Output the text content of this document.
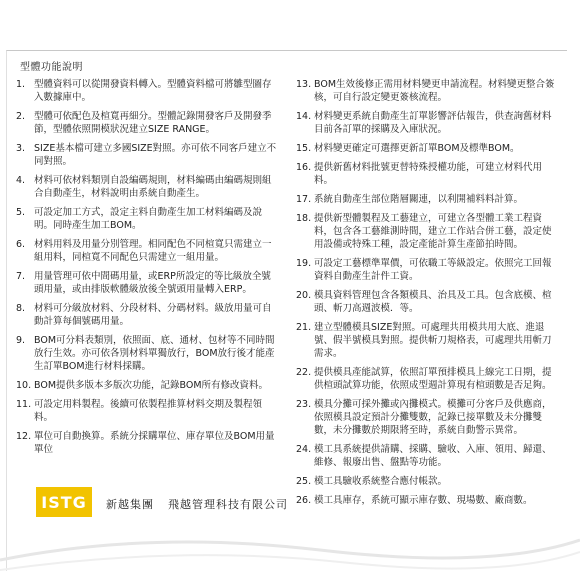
型體功能說明
1. 型體資料可以從開發資料轉入。型體資料檔可將雛型圖存入數據庫中。
2. 型體可依配色及楦寬再細分。型體記錄開發客戶及開發季節，型體依照開模狀況建立SIZE RANGE。
3. SIZE基本檔可建立多國SIZE對照。亦可依不同客戶建立不同對照。
4. 材料可依材料類別自設編碼規則，材料編碼由編碼規則組合自動產生，材料說明由系統自動產生。
5. 可設定加工方式，設定主料自動產生加工材料編碼及說明。同時產生加工BOM。
6. 材料用料及用量分別管理。相同配色不同楦寬只需建立一組用料，同楦寬不同配色只需建立一組用量。
7. 用量管理可依中間碼用量，或ERP所設定的等比級放全號頭用量，或由排版軟體級放後全號頭用量轉入ERP。
8. 材料可分級放材料、分段材料、分碼材料。級放用量可自動計算每個號碼用量。
9. BOM可分料表類別，依照面、底、通材、包材等不同時間放行生效。亦可依各別材料單獨放行，BOM放行後才能產生訂單BOM進行材料採購。
10. BOM提供多版本多版次功能，記錄BOM所有修改資料。
11. 可設定用料製程。後續可依製程推算材料交期及製程領料。
12. 單位可自動換算。系統分採購單位、庫存單位及BOM用量單位
13. BOM生效後修正需用材料變更申請流程。材料變更整合簽核，可自行設定變更簽核流程。
14. 材料變更系統自動產生訂單影響評估報告，供查詢舊材料目前各訂單的採購及入庫狀況。
15. 材料變更確定可選擇更新訂單BOM及標準BOM。
16. 提供新舊材料批號更替特殊授權功能，可建立材料代用料。
17. 系統自動產生部位階層關連，以利開補料料計算。
18. 提供新型體製程及工藝建立，可建立各型體工業工程資料，包含各工藝維測時間，建立工作站合併工藝，設定使用設備或特殊工種，設定產能計算生產節拍時間。
19. 可設定工藝標準單價，可依職工等級設定。依照完工回報資料自動產生計件工資。
20. 模具資料管理包含各類模具、治具及工具。包含底模、楦頭、斬刀高週波模．等。
21. 建立型體模具SIZE對照。可處理共用模共用大底、進退號、假半號模具對照。提供斬刀規格表，可處理共用斬刀需求。
22. 提供模具產能試算，依照訂單預排模具上線完工日期，提供楦頭試算功能，依照成型週計算現有楦頭數是否足夠。
23. 模具分攤可採外攤或內攤模式。模攤可分客戶及供應商，依照模具設定預計分攤雙數，記錄已接單數及未分攤雙數，未分攤數於期限將至時，系統自動警示異常。
24. 模工具系統提供請購、採購、驗收、入庫、領用、歸還、維修、報廢出售、盤點等功能。
25. 模工具驗收系統整合應付帳款。
26. 模工具庫存，系統可顯示庫存數、現場數、廠商數。
ISTG	新越集團 飛越管理科技有限公司
